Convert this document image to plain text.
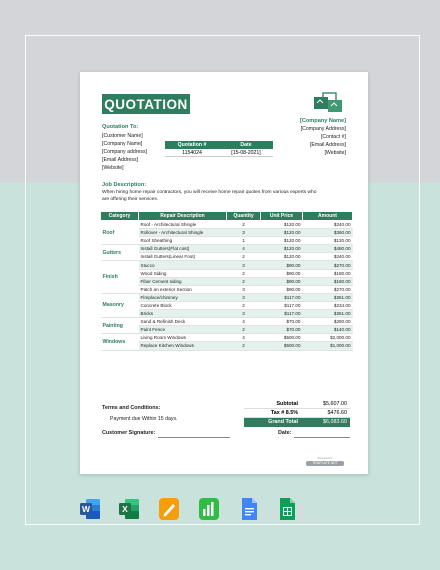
QUOTATION
Quotation To:
[Customer Name]
[Company Name]
[Company address]
[Email Address]
[Website]
Quotation #	Date
1154024	[15-08-2021]
[Company Name]
[Company Address]
[Contact #]
[Email Address]
[Website]
Job Description:
When hiring home repair contractors, you will receive home repair quotes from various experts who
are offering their services.
Category	Repair Description	Quantity	Unit Price	Amount
Roof	Roof - Architectural Shingle	2	$120.00	$240.00
	Rollover - Architectural Shingle	3	$120.00	$360.00
	Roof Sheathing	1	$120.00	$120.00
Gutters	Install Gutters(Flat cost)	4	$120.00	$480.00
	Install Gutters(Linear Foot)	2	$120.00	$240.00
Finish	Stucco	3	$90.00	$270.00
	Wood Siding	2	$90.00	$180.00
	Fiber Cement siding	2	$90.00	$180.00
	Patch an exterior Section	3	$90.00	$270.00
Masonry	Fireplace/chimney	3	$117.00	$351.00
	Concrete Block	2	$117.00	$234.00
	Bricks	3	$117.00	$351.00
Painting	Sand & Refinish Deck	4	$70.00	$280.00
	Paint Fence	2	$70.00	$140.00
Windows	Living Room Windows	4	$500.00	$2,000.00
	Replace Kitchen Windows	2	$500.00	$1,000.00
Terms and Conditions:
Payment due Within 15 days.
Subtotal	$5,607.00
Tax # 8.5%	$476.60
Grand Total	$6,083.60
Customer Signature:	Date:
Designed by
TEMPLATE.NET
W	X
